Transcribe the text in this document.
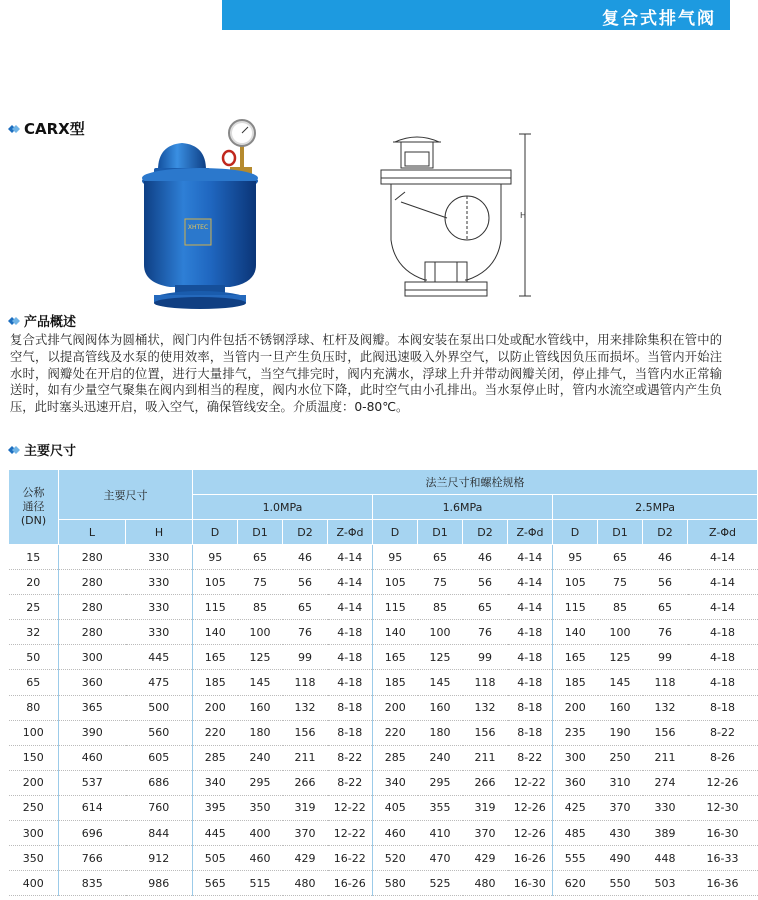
复合式排气阀
CARX型
XHTEC
H
产品概述
复合式排气阀阀体为圆桶状，阀门内件包括不锈钢浮球、杠杆及阀瓣。本阀安装在泵出口处或配水管线中，用来排除集积在管中的空气，以提高管线及水泵的使用效率，当管内一旦产生负压时，此阀迅速吸入外界空气，以防止管线因负压而损坏。当管内开始注水时，阀瓣处在开启的位置，进行大量排气，当空气排完时，阀内充满水，浮球上升并带动阀瓣关闭，停止排气，当管内水正常输送时，如有少量空气聚集在阀内到相当的程度，阀内水位下降，此时空气由小孔排出。当水泵停止时，管内水流空或遇管内产生负压，此时塞头迅速开启，吸入空气，确保管线安全。介质温度：0-80℃。
主要尺寸
公称
通径
(DN)	主要尺寸		法兰尺寸和螺栓规格											
			1.0MPa				1.6MPa				2.5MPa			
	L	H	D	D1	D2	Z-Φd	D	D1	D2	Z-Φd	D	D1	D2	Z-Φd
15	280	330	95	65	46	4-14	95	65	46	4-14	95	65	46	4-14
20	280	330	105	75	56	4-14	105	75	56	4-14	105	75	56	4-14
25	280	330	115	85	65	4-14	115	85	65	4-14	115	85	65	4-14
32	280	330	140	100	76	4-18	140	100	76	4-18	140	100	76	4-18
50	300	445	165	125	99	4-18	165	125	99	4-18	165	125	99	4-18
65	360	475	185	145	118	4-18	185	145	118	4-18	185	145	118	4-18
80	365	500	200	160	132	8-18	200	160	132	8-18	200	160	132	8-18
100	390	560	220	180	156	8-18	220	180	156	8-18	235	190	156	8-22
150	460	605	285	240	211	8-22	285	240	211	8-22	300	250	211	8-26
200	537	686	340	295	266	8-22	340	295	266	12-22	360	310	274	12-26
250	614	760	395	350	319	12-22	405	355	319	12-26	425	370	330	12-30
300	696	844	445	400	370	12-22	460	410	370	12-26	485	430	389	16-30
350	766	912	505	460	429	16-22	520	470	429	16-26	555	490	448	16-33
400	835	986	565	515	480	16-26	580	525	480	16-30	620	550	503	16-36
